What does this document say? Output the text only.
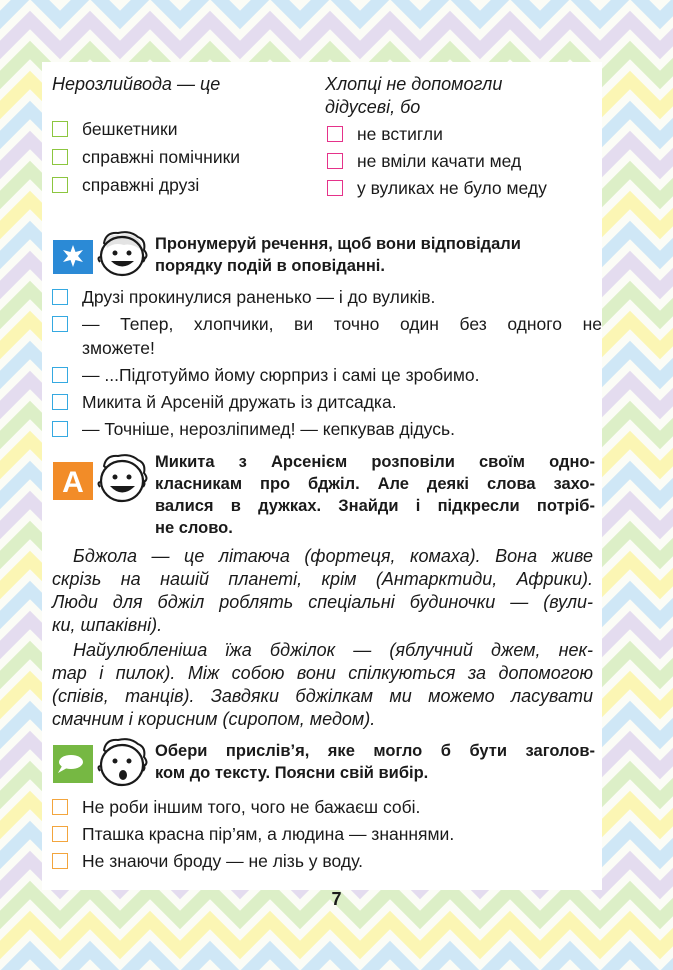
Нерозлийвода — це
бешкетники
справжні помічники
справжні друзі
Хлопці не допомогли
дідусеві, бо
не встигли
не вміли качати мед
у вуликах не було меду
Пронумеруй речення, щоб вони відповідали
порядку подій в оповіданні.
Друзі прокинулися раненько — і до вуликів.
— Тепер, хлопчики, ви точно один без одного не
зможете!
— ...Підготуймо йому сюрприз і самі це зробимо.
Микита й Арсеній дружать із дитсадка.
— Точніше, нерозліпимед! — кепкував дідусь.
A
Микита з Арсенієм розповіли своїм одно-
класникам про бджіл. Але деякі слова захо-
валися в дужках. Знайди і підкресли потріб-
не слово.
Бджола — це літаюча (фортеця, комаха). Вона живе
скрізь на нашій планеті, крім (Антарктиди, Африки).
Люди для бджіл роблять спеціальні будиночки — (вули-
ки, шпаківні).
Найулюбленіша їжа бджілок — (яблучний джем, нек-
тар і пилок). Між собою вони спілкуються за допомогою
(співів, танців). Завдяки бджілкам ми можемо ласувати
смачним і корисним (сиропом, медом).
Обери прислів’я, яке могло б бути заголов-
ком до тексту. Поясни свій вибір.
Не роби іншим того, чого не бажаєш собі.
Пташка красна пір’ям, а людина — знаннями.
Не знаючи броду — не лізь у воду.
7
